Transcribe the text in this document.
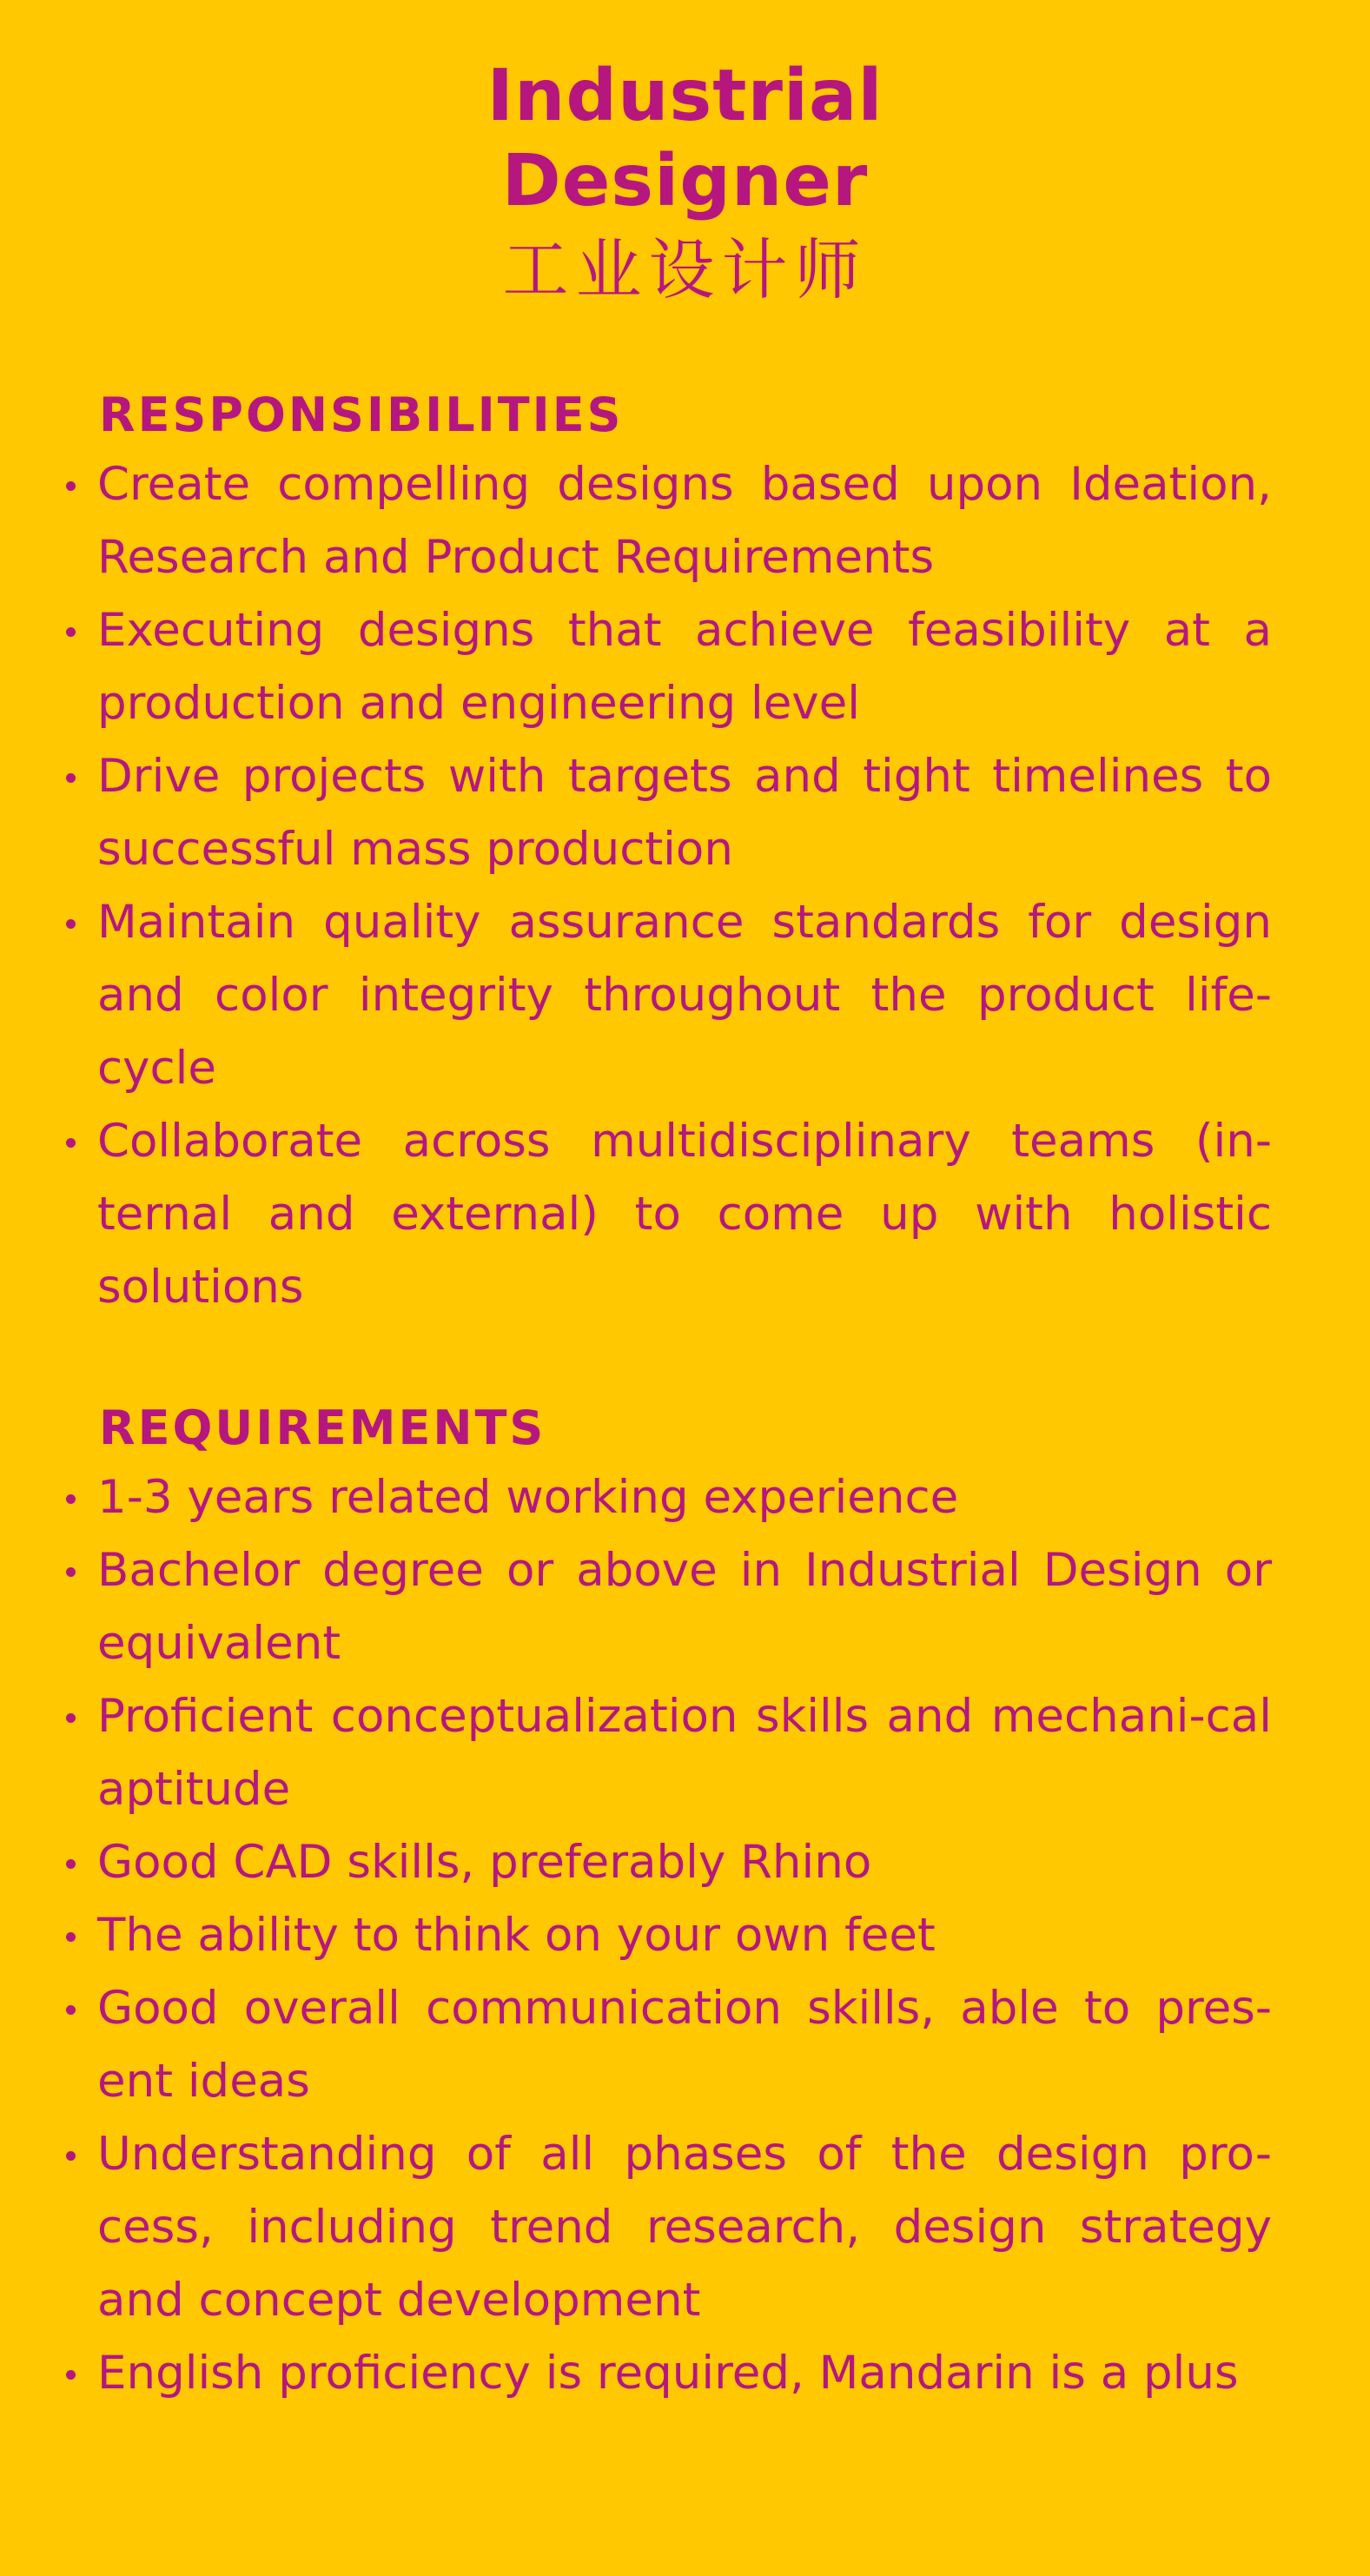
Industrial
Designer
工业设计师
RESPONSIBILITIES
Create compelling designs based upon Ideation, Research and Product Requirements
Executing designs that achieve feasibility at a production and engineering level
Drive projects with targets and tight timelines to successful mass production
Maintain quality assurance standards for design and color integrity throughout the product life-cycle
Collaborate across multidisciplinary teams (in-ternal and external) to come up with holistic solutions
REQUIREMENTS
1-3 years related working experience
Bachelor degree or above in Industrial Design or equivalent
Proficient conceptualization skills and mechani-cal aptitude
Good CAD skills, preferably Rhino
The ability to think on your own feet
Good overall communication skills, able to pres-ent ideas
Understanding of all phases of the design pro-cess, including trend research, design strategy and concept development
English proficiency is required, Mandarin is a plus
